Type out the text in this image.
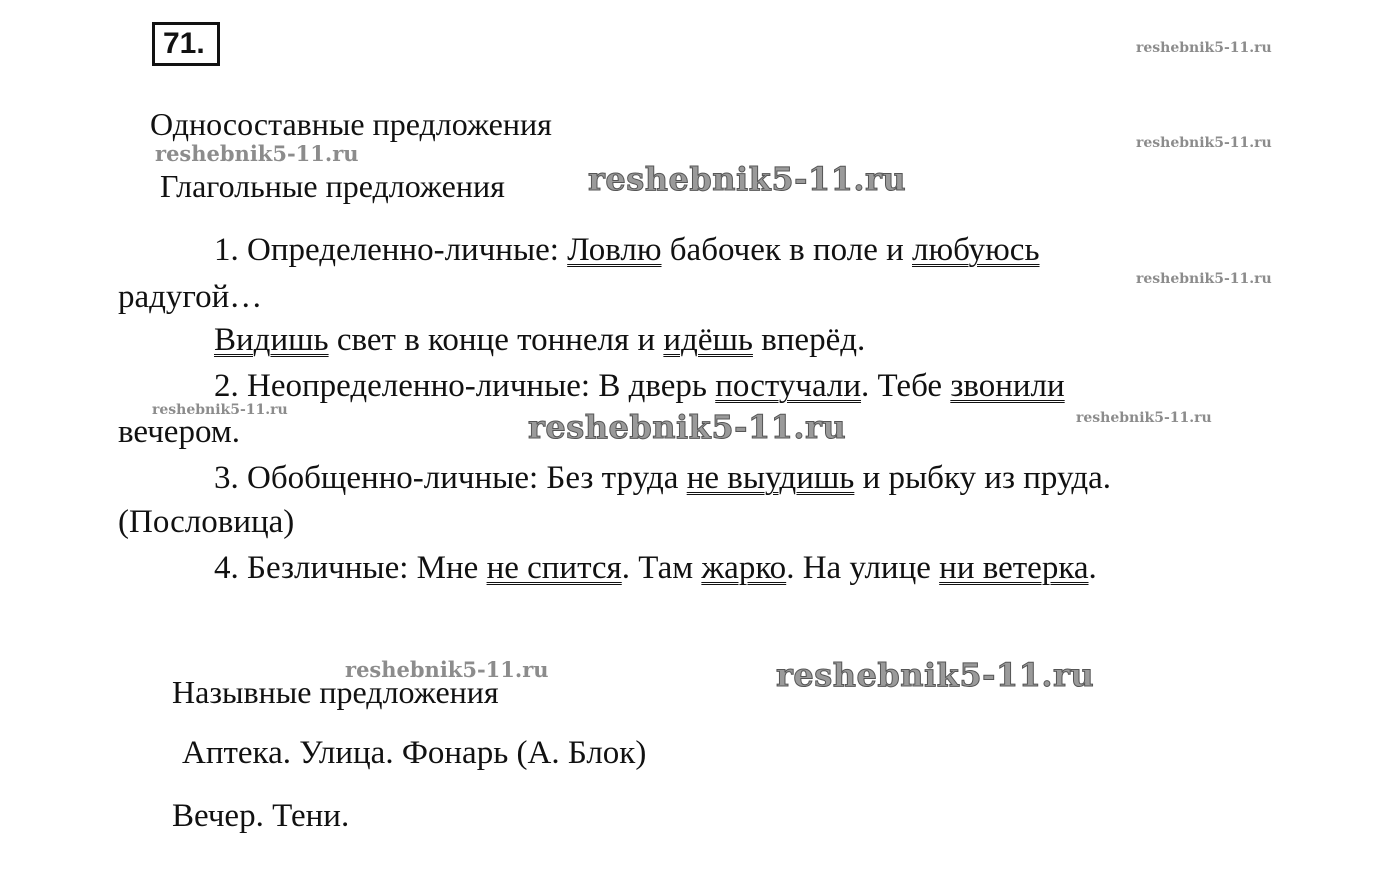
71.	reshebnik5-11.ru
reshebnik5-11.ru
reshebnik5-11.ru
reshebnik5-11.ru
reshebnik5-11.ru
reshebnik5-11.ru
reshebnik5-11.ru
reshebnik5-11.ru
reshebnik5-11.ru
reshebnik5-11.ru
Односоставные предложения
Глагольные предложения
1. Определенно-личные: Ловлю бабочек в поле и любуюсь
радугой…
Видишь свет в конце тоннеля и идёшь вперёд.
2. Неопределенно-личные: В дверь постучали. Тебе звонили
вечером.
3. Обобщенно-личные: Без труда не выудишь и рыбку из пруда.
(Пословица)
4. Безличные: Мне не спится. Там жарко. На улице ни ветерка.
Назывные предложения
Аптека. Улица. Фонарь (А. Блок)
Вечер. Тени.
